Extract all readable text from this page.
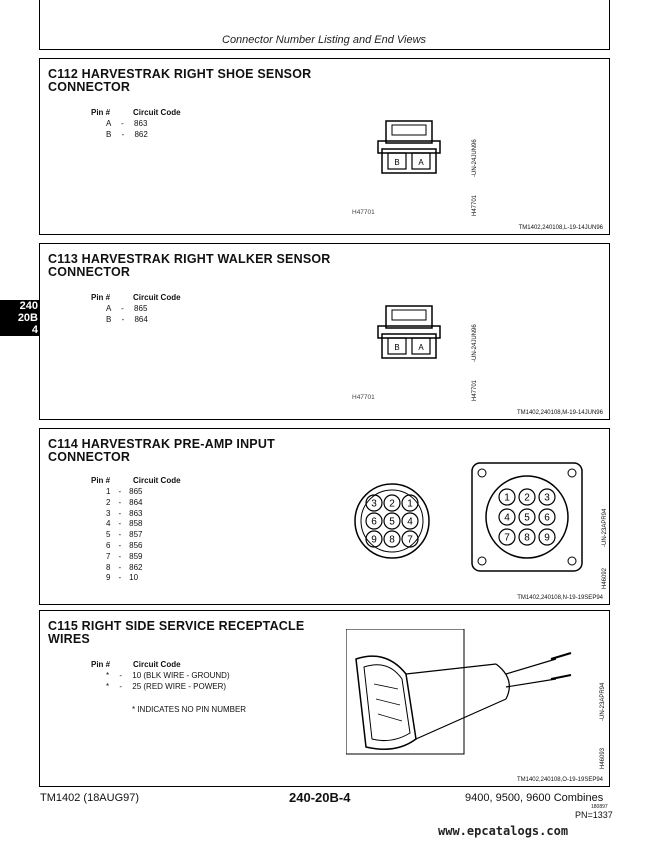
Connector Number Listing and End Views
240
20B
4
C112 HARVESTRAK RIGHT SHOE SENSOR CONNECTOR
Pin #	Circuit Code
A - 863
B - 862
B A
H47701
-UN-24JUN96
H47701
TM1402,240108,L-19-14JUN96
C113 HARVESTRAK RIGHT WALKER SENSOR CONNECTOR
Pin #	Circuit Code
A - 865
B - 864
B A
H47701
-UN-24JUN96
H47701
TM1402,240108,M-19-14JUN96
C114 HARVESTRAK PRE-AMP INPUT CONNECTOR
Pin #	Circuit Code
1 - 865
2 - 864
3 - 863
4 - 858
5 - 857
6 - 856
7 - 859
8 - 862
9 - 10
1
2
3
4
5
6
7
8
9
1 2 3
4 5 6
7 8 9	-UN-23APR94
H46092
TM1402,240108,N-19-19SEP94
C115 RIGHT SIDE SERVICE RECEPTACLE WIRES
Pin #	Circuit Code
* - 10 (BLK WIRE - GROUND)
* - 25 (RED WIRE - POWER)
* INDICATES NO PIN NUMBER	-UN-23APR94
H46093
TM1402,240108,O-19-19SEP94
TM1402 (18AUG97)	240-20B-4	9400, 9500, 9600 Combines
180897
PN=1337
www.epcatalogs.com
